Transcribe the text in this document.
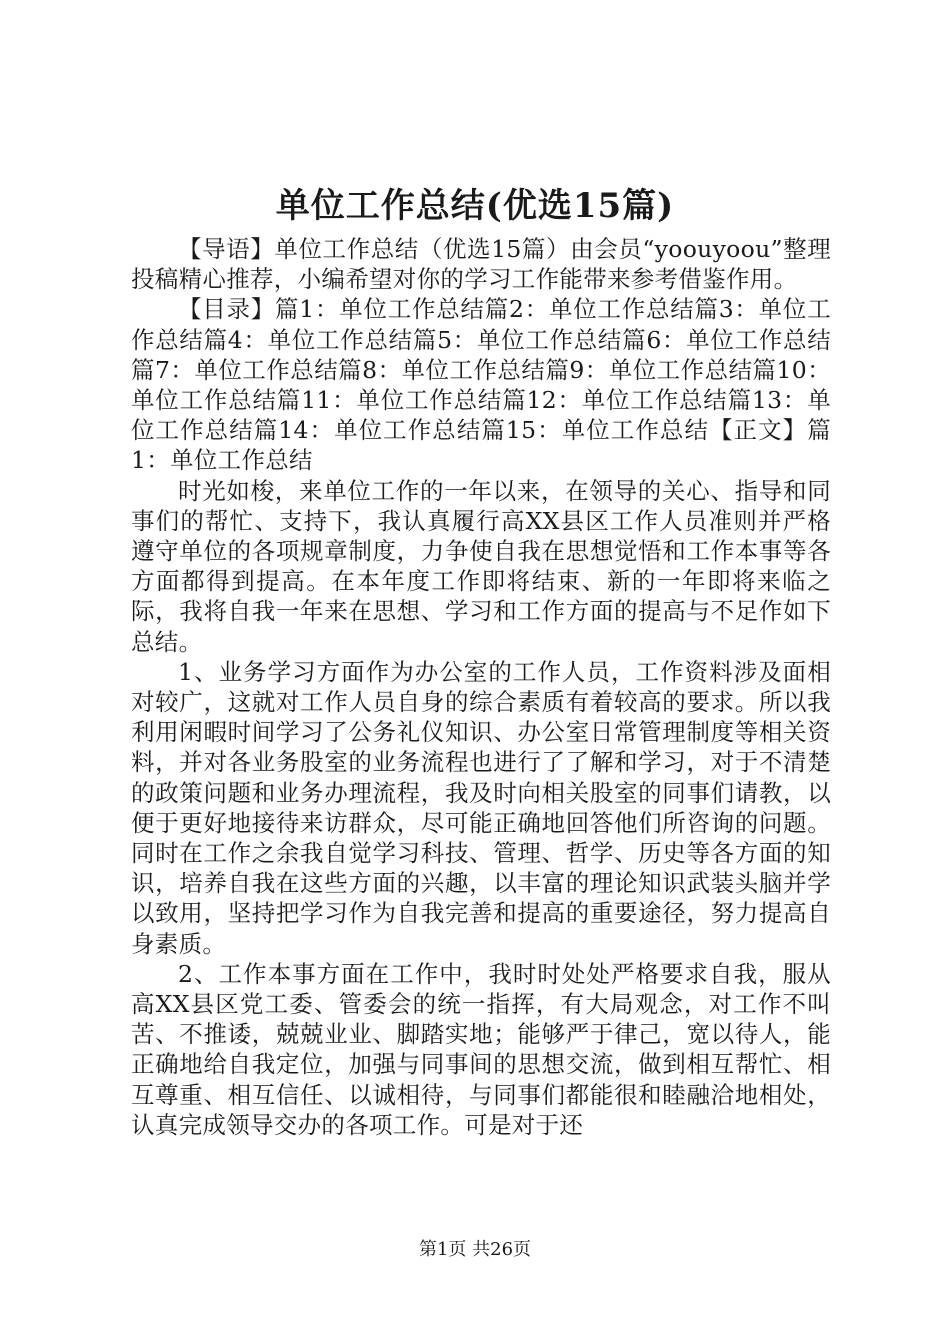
单位工作总结(优选15篇)

【导语】单位工作总结（优选15篇）由会员“yoouyoou”整理投稿精心推荐，小编希望对你的学习工作能带来参考借鉴作用。

【目录】篇1：单位工作总结篇2：单位工作总结篇3：单位工作总结篇4：单位工作总结篇5：单位工作总结篇6：单位工作总结篇7：单位工作总结篇8：单位工作总结篇9：单位工作总结篇10：单位工作总结篇11：单位工作总结篇12：单位工作总结篇13：单位工作总结篇14：单位工作总结篇15：单位工作总结【正文】篇1：单位工作总结

时光如梭，来单位工作的一年以来，在领导的关心、指导和同事们的帮忙、支持下，我认真履行高XX县区工作人员准则并严格遵守单位的各项规章制度，力争使自我在思想觉悟和工作本事等各方面都得到提高。在本年度工作即将结束、新的一年即将来临之际，我将自我一年来在思想、学习和工作方面的提高与不足作如下总结。

1、业务学习方面作为办公室的工作人员，工作资料涉及面相对较广，这就对工作人员自身的综合素质有着较高的要求。所以我利用闲暇时间学习了公务礼仪知识、办公室日常管理制度等相关资料，并对各业务股室的业务流程也进行了了解和学习，对于不清楚的政策问题和业务办理流程，我及时向相关股室的同事们请教，以便于更好地接待来访群众，尽可能正确地回答他们所咨询的问题。同时在工作之余我自觉学习科技、管理、哲学、历史等各方面的知识，培养自我在这些方面的兴趣，以丰富的理论知识武装头脑并学以致用，坚持把学习作为自我完善和提高的重要途径，努力提高自身素质。

2、工作本事方面在工作中，我时时处处严格要求自我，服从高XX县区党工委、管委会的统一指挥，有大局观念，对工作不叫苦、不推诿，兢兢业业、脚踏实地；能够严于律己，宽以待人，能正确地给自我定位，加强与同事间的思想交流，做到相互帮忙、相互尊重、相互信任、以诚相待，与同事们都能很和睦融洽地相处，认真完成领导交办的各项工作。可是对于还

第1页 共26页
